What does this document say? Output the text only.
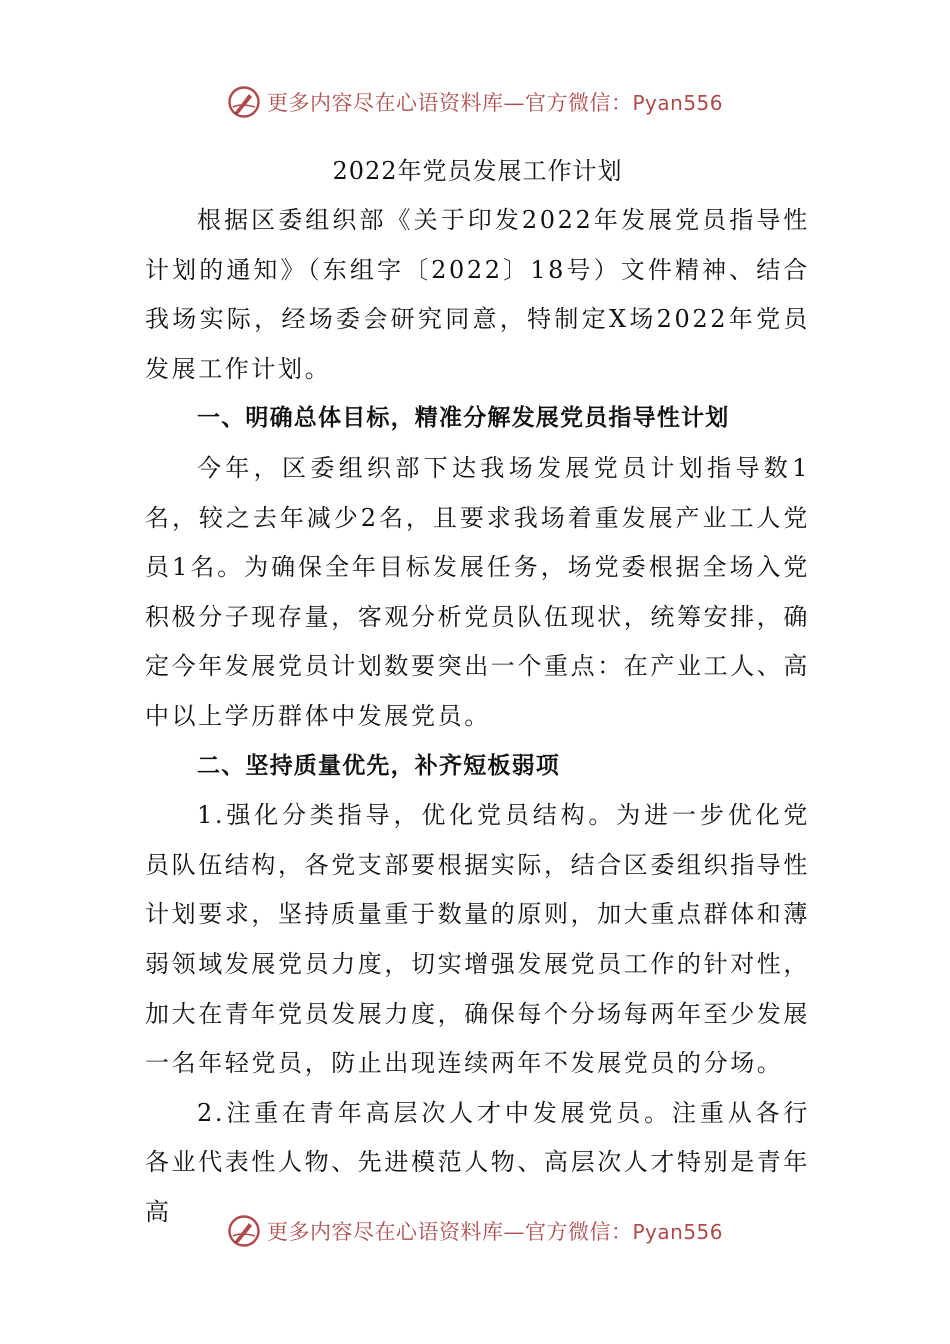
更多内容尽在心语资料库—官方微信：Pyan556
2022年党员发展工作计划

根据区委组织部《关于印发2022年发展党员指导性计划的通知》（东组字〔2022〕18号）文件精神、结合我场实际，经场委会研究同意，特制定X场2022年党员发展工作计划。

一、明确总体目标，精准分解发展党员指导性计划

今年，区委组织部下达我场发展党员计划指导数1名，较之去年减少2名，且要求我场着重发展产业工人党员1名。为确保全年目标发展任务，场党委根据全场入党积极分子现存量，客观分析党员队伍现状，统筹安排，确定今年发展党员计划数要突出一个重点：在产业工人、高中以上学历群体中发展党员。

二、坚持质量优先，补齐短板弱项

1.强化分类指导，优化党员结构。为进一步优化党员队伍结构，各党支部要根据实际，结合区委组织指导性计划要求，坚持质量重于数量的原则，加大重点群体和薄弱领域发展党员力度，切实增强发展党员工作的针对性，加大在青年党员发展力度，确保每个分场每两年至少发展一名年轻党员，防止出现连续两年不发展党员的分场。

2.注重在青年高层次人才中发展党员。注重从各行各业代表性人物、先进模范人物、高层次人才特别是青年高

更多内容尽在心语资料库—官方微信：Pyan556
